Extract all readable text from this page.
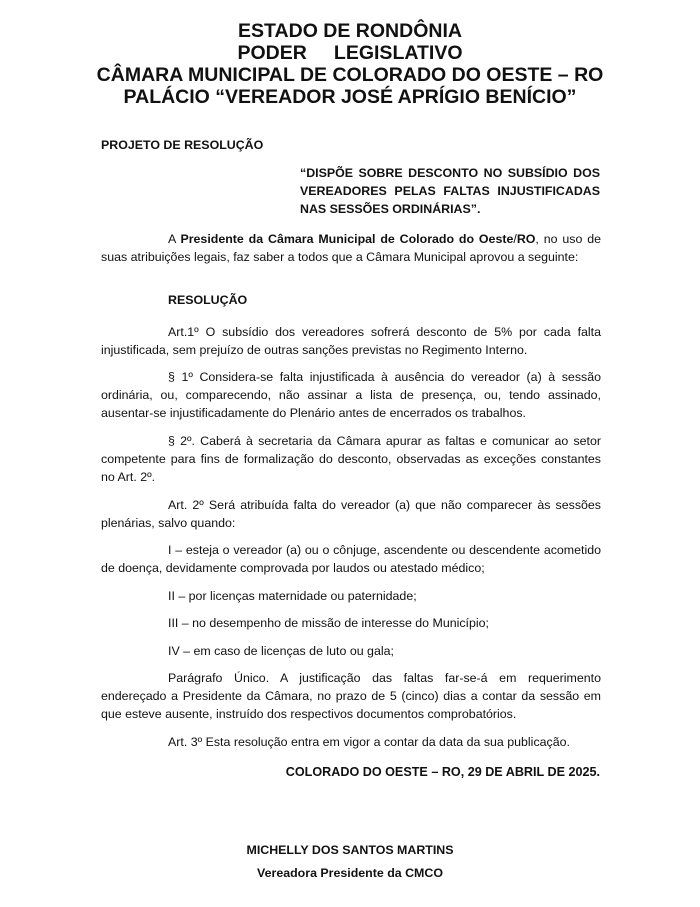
ESTADO DE RONDÔNIA
PODER     LEGISLATIVO
CÂMARA MUNICIPAL DE COLORADO DO OESTE – RO
PALÁCIO “VEREADOR JOSÉ APRÍGIO BENÍCIO”
PROJETO DE RESOLUÇÃO
“DISPÕE SOBRE DESCONTO NO SUBSÍDIO DOS VEREADORES PELAS FALTAS INJUSTIFICADAS NAS SESSÕES ORDINÁRIAS”.
A Presidente da Câmara Municipal de Colorado do Oeste/RO, no uso de suas atribuições legais, faz saber a todos que a Câmara Municipal aprovou a seguinte:
RESOLUÇÃO
Art.1º O subsídio dos vereadores sofrerá desconto de 5% por cada falta injustificada, sem prejuízo de outras sanções previstas no Regimento Interno.
§ 1º Considera-se falta injustificada à ausência do vereador (a) à sessão ordinária, ou, comparecendo, não assinar a lista de presença, ou, tendo assinado, ausentar-se injustificadamente do Plenário antes de encerrados os trabalhos.
§ 2º. Caberá à secretaria da Câmara apurar as faltas e comunicar ao setor competente para fins de formalização do desconto, observadas as exceções constantes no Art. 2º.
Art. 2º Será atribuída falta do vereador (a) que não comparecer às sessões plenárias, salvo quando:
I – esteja o vereador (a) ou o cônjuge, ascendente ou descendente acometido de doença, devidamente comprovada por laudos ou atestado médico;
II – por licenças maternidade ou paternidade;
III – no desempenho de missão de interesse do Município;
IV – em caso de licenças de luto ou gala;
Parágrafo Único. A justificação das faltas far-se-á em requerimento endereçado a Presidente da Câmara, no prazo de 5 (cinco) dias a contar da sessão em que esteve ausente, instruído dos respectivos documentos comprobatórios.
Art. 3º Esta resolução entra em vigor a contar da data da sua publicação.
COLORADO DO OESTE – RO, 29 DE ABRIL DE 2025.
MICHELLY DOS SANTOS MARTINS
Vereadora Presidente da CMCO
